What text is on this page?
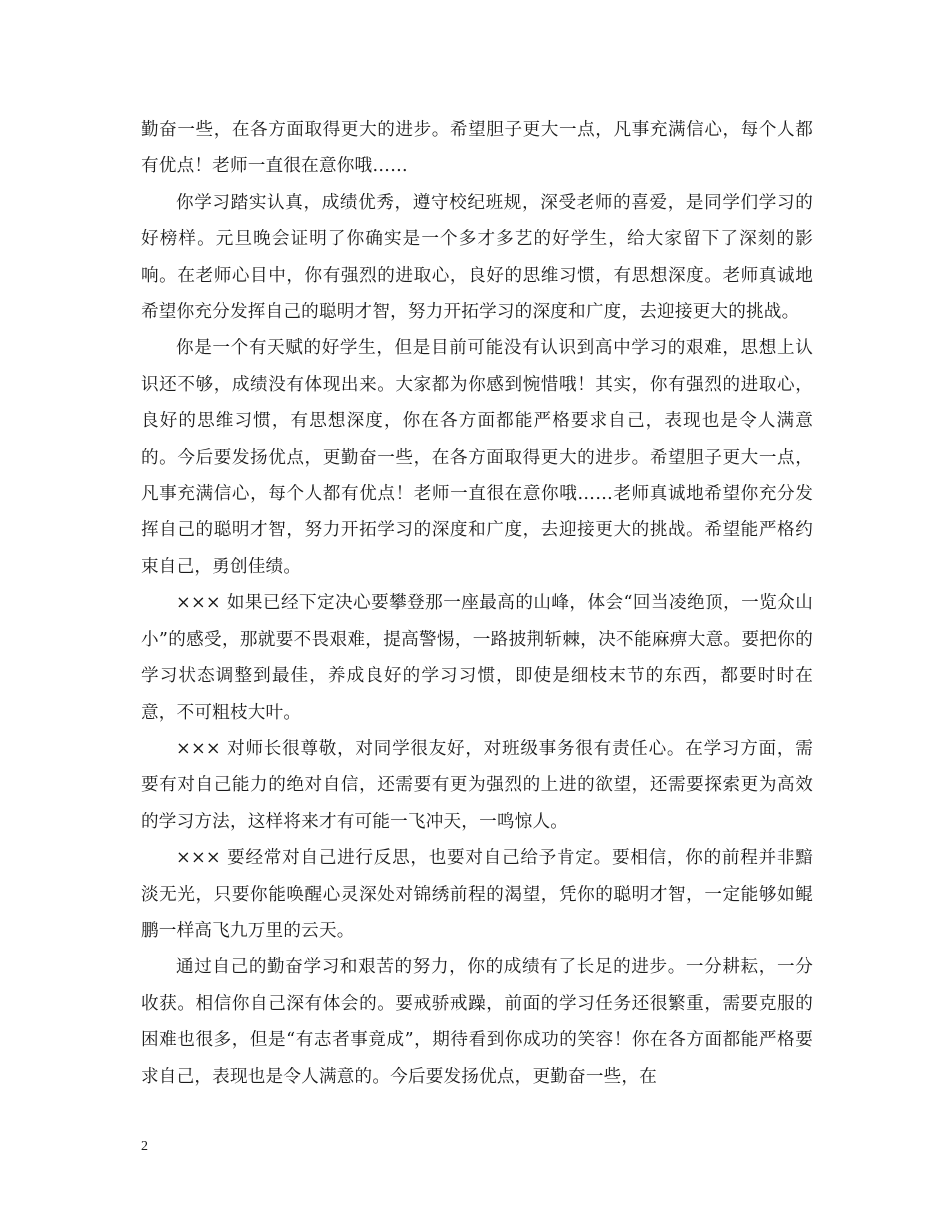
勤奋一些，在各方面取得更大的进步。希望胆子更大一点，凡事充满信心，每个人都有优点！老师一直很在意你哦……

你学习踏实认真，成绩优秀，遵守校纪班规，深受老师的喜爱，是同学们学习的好榜样。元旦晚会证明了你确实是一个多才多艺的好学生，给大家留下了深刻的影响。在老师心目中，你有强烈的进取心，良好的思维习惯，有思想深度。老师真诚地希望你充分发挥自己的聪明才智，努力开拓学习的深度和广度，去迎接更大的挑战。

你是一个有天赋的好学生，但是目前可能没有认识到高中学习的艰难，思想上认识还不够，成绩没有体现出来。大家都为你感到惋惜哦！其实，你有强烈的进取心，良好的思维习惯，有思想深度，你在各方面都能严格要求自己，表现也是令人满意的。今后要发扬优点，更勤奋一些，在各方面取得更大的进步。希望胆子更大一点，凡事充满信心，每个人都有优点！老师一直很在意你哦……老师真诚地希望你充分发挥自己的聪明才智，努力开拓学习的深度和广度，去迎接更大的挑战。希望能严格约束自己，勇创佳绩。

××× 如果已经下定决心要攀登那一座最高的山峰，体会“回当凌绝顶，一览众山小”的感受，那就要不畏艰难，提高警惕，一路披荆斩棘，决不能麻痹大意。要把你的学习状态调整到最佳，养成良好的学习习惯，即使是细枝末节的东西，都要时时在意，不可粗枝大叶。

××× 对师长很尊敬，对同学很友好，对班级事务很有责任心。在学习方面，需要有对自己能力的绝对自信，还需要有更为强烈的上进的欲望，还需要探索更为高效的学习方法，这样将来才有可能一飞冲天，一鸣惊人。

××× 要经常对自己进行反思，也要对自己给予肯定。要相信，你的前程并非黯淡无光，只要你能唤醒心灵深处对锦绣前程的渴望，凭你的聪明才智，一定能够如鲲鹏一样高飞九万里的云天。

通过自己的勤奋学习和艰苦的努力，你的成绩有了长足的进步。一分耕耘，一分收获。相信你自己深有体会的。要戒骄戒躁，前面的学习任务还很繁重，需要克服的困难也很多，但是“有志者事竟成”，期待看到你成功的笑容！你在各方面都能严格要求自己，表现也是令人满意的。今后要发扬优点，更勤奋一些，在

2
